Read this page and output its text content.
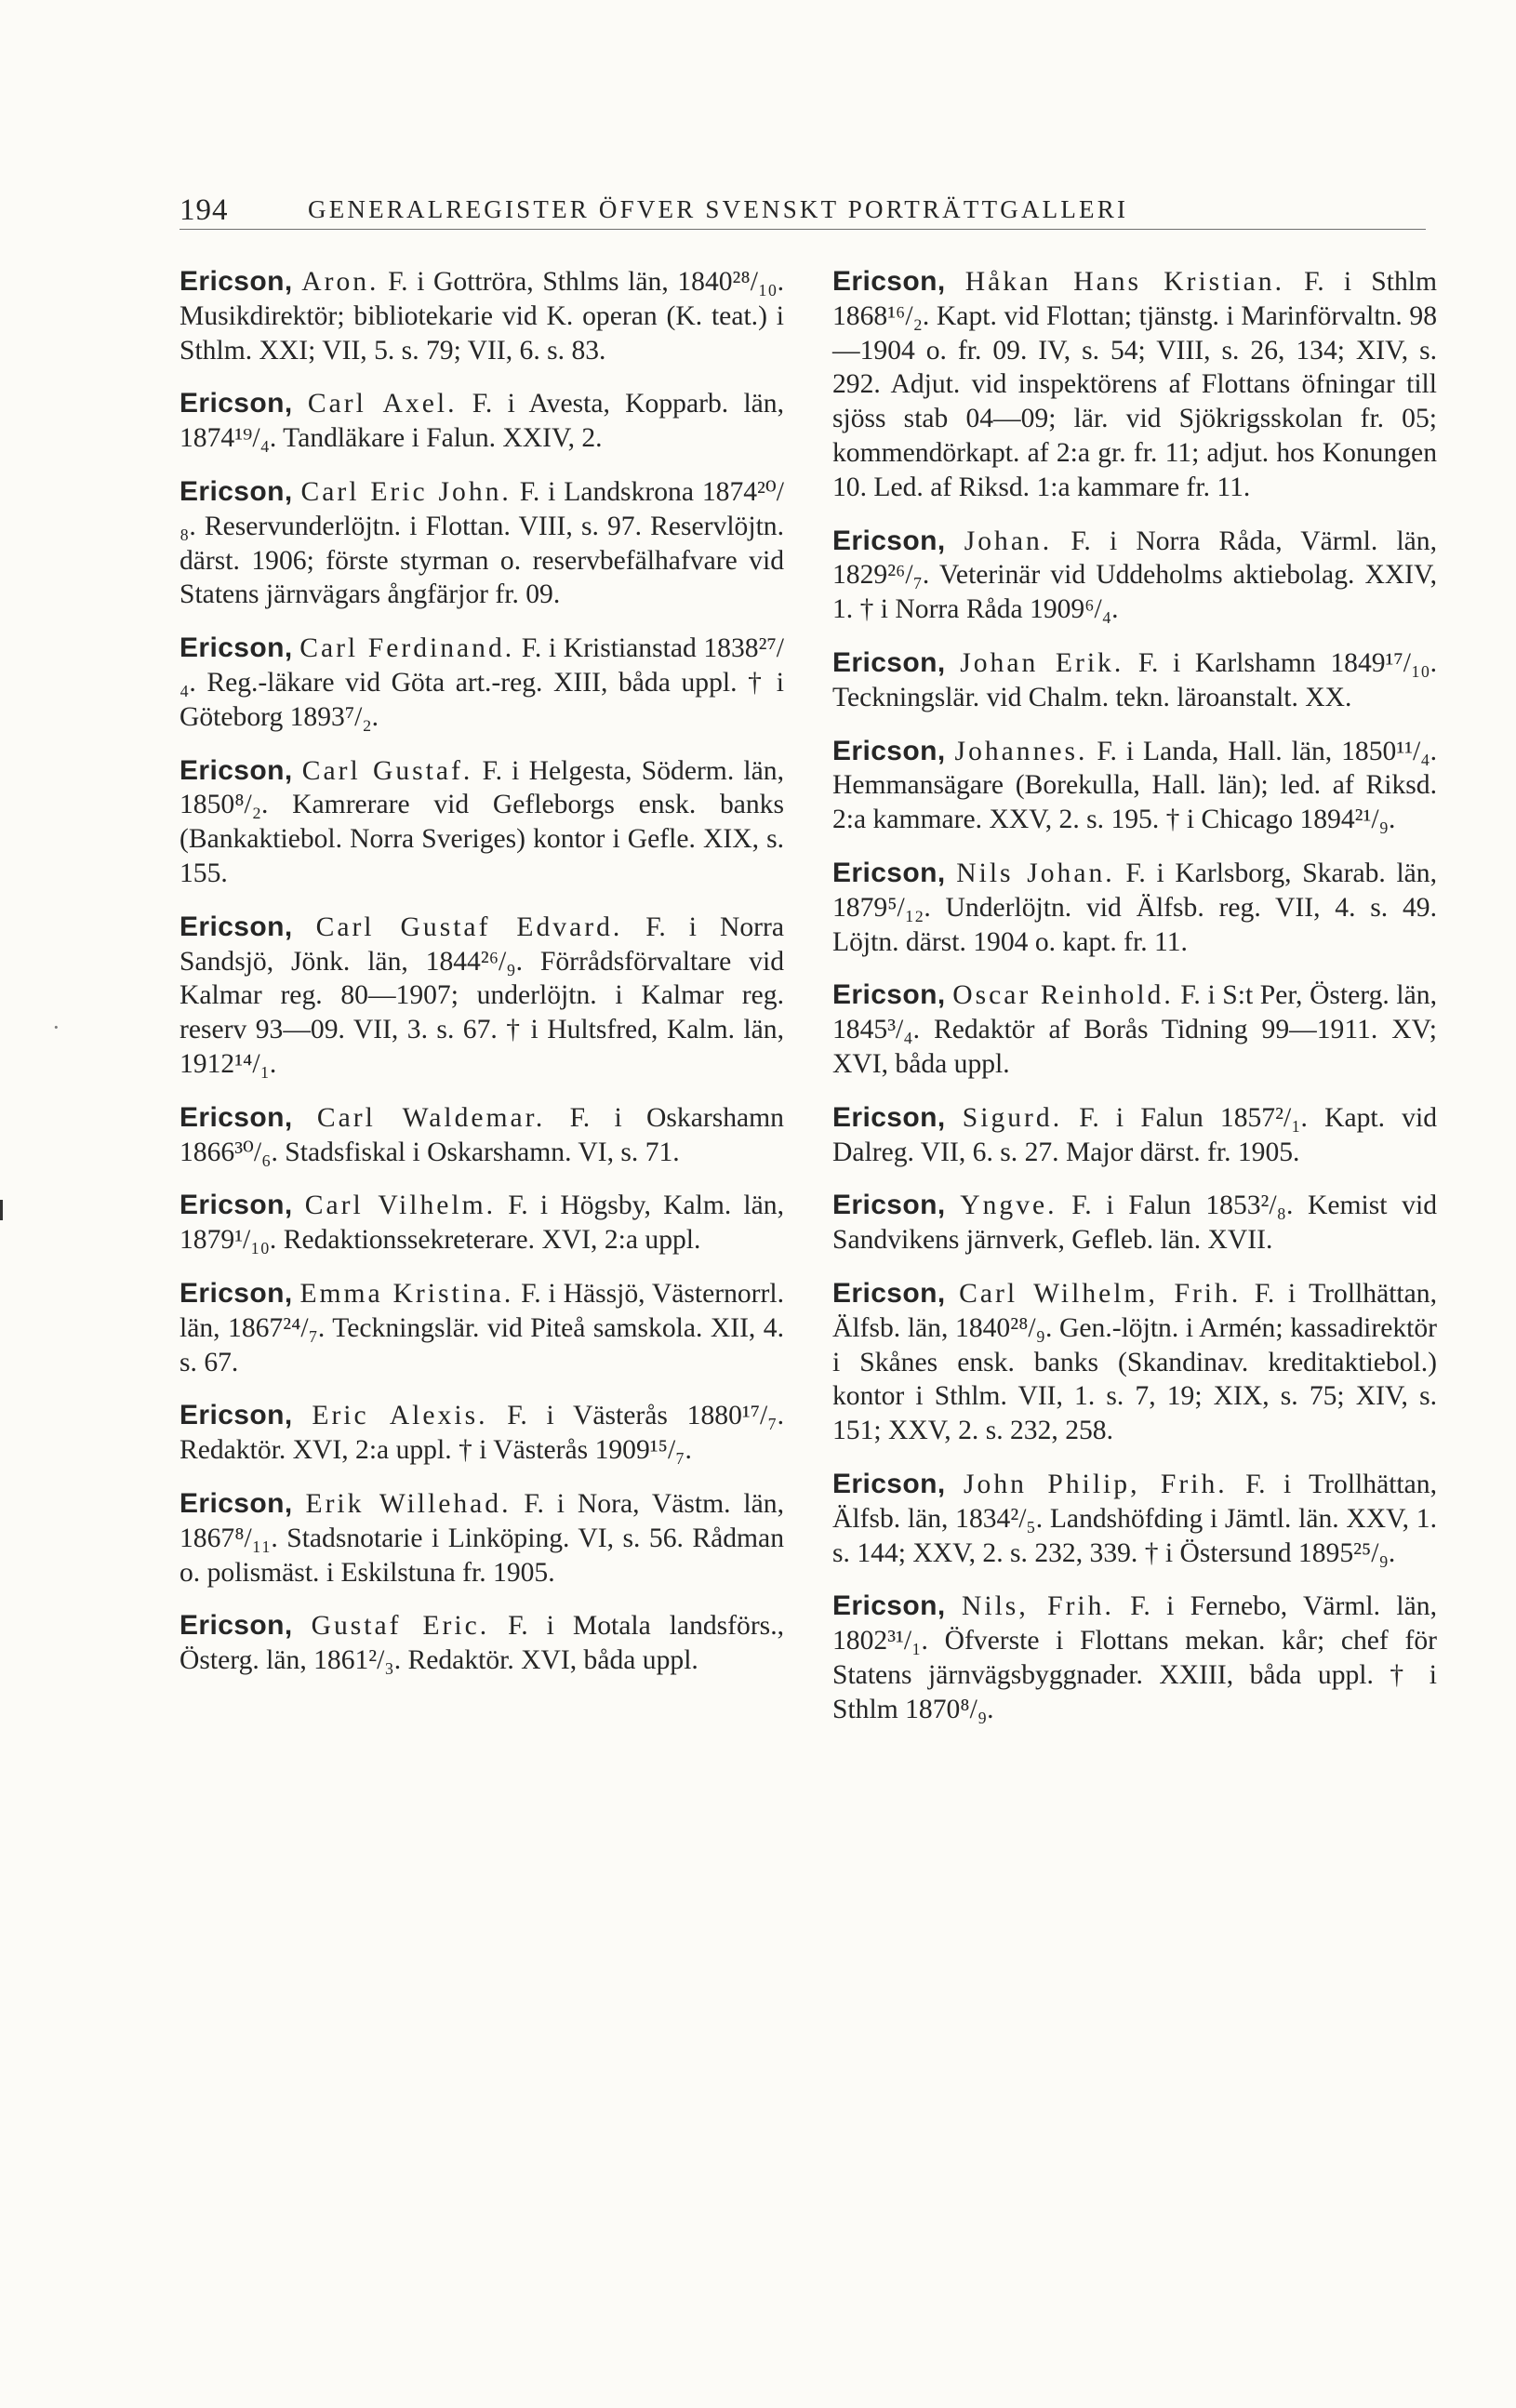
194	GENERALREGISTER ÖFVER SVENSKT PORTRÄTTGALLERI

Ericson, Aron. F. i Gottröra, Sthlms län, 1840²⁸/₁₀. Musikdirektör; bibliotekarie vid K. operan (K. teat.) i Sthlm. XXI; VII, 5. s. 79; VII, 6. s. 83.

Ericson, Carl Axel. F. i Avesta, Kopparb. län, 1874¹⁹/₄. Tandläkare i Falun. XXIV, 2.

Ericson, Carl Eric John. F. i Landskrona 1874²⁰/₈. Reservunderlöjtn. i Flottan. VIII, s. 97. Reservlöjtn. därst. 1906; förste styrman o. reservbefälhafvare vid Statens järnvägars ångfärjor fr. 09.

Ericson, Carl Ferdinand. F. i Kristianstad 1838²⁷/₄. Reg.-läkare vid Göta art.-reg. XIII, båda uppl. † i Göteborg 1893⁷/₂.

Ericson, Carl Gustaf. F. i Helgesta, Söderm. län, 1850⁸/₂. Kamrerare vid Gefleborgs ensk. banks (Bankaktiebol. Norra Sveriges) kontor i Gefle. XIX, s. 155.

Ericson, Carl Gustaf Edvard. F. i Norra Sandsjö, Jönk. län, 1844²⁶/₉. Förrådsförvaltare vid Kalmar reg. 80—1907; underlöjtn. i Kalmar reg. reserv 93—09. VII, 3. s. 67. † i Hultsfred, Kalm. län, 1912¹⁴/₁.

Ericson, Carl Waldemar. F. i Oskarshamn 1866³⁰/₆. Stadsfiskal i Oskarshamn. VI, s. 71.

Ericson, Carl Vilhelm. F. i Högsby, Kalm. län, 1879¹/₁₀. Redaktionssekreterare. XVI, 2:a uppl.

Ericson, Emma Kristina. F. i Hässjö, Västernorrl. län, 1867²⁴/₇. Teckningslär. vid Piteå samskola. XII, 4. s. 67.

Ericson, Eric Alexis. F. i Västerås 1880¹⁷/₇. Redaktör. XVI, 2:a uppl. † i Västerås 1909¹⁵/₇.

Ericson, Erik Willehad. F. i Nora, Västm. län, 1867⁸/₁₁. Stadsnotarie i Linköping. VI, s. 56. Rådman o. polismäst. i Eskilstuna fr. 1905.

Ericson, Gustaf Eric. F. i Motala landsförs., Österg. län, 1861²/₃. Redaktör. XVI, båda uppl.

Ericson, Håkan Hans Kristian. F. i Sthlm 1868¹⁶/₂. Kapt. vid Flottan; tjänstg. i Marinförvaltn. 98—1904 o. fr. 09. IV, s. 54; VIII, s. 26, 134; XIV, s. 292. Adjut. vid inspektörens af Flottans öfningar till sjöss stab 04—09; lär. vid Sjökrigsskolan fr. 05; kommendörkapt. af 2:a gr. fr. 11; adjut. hos Konungen 10. Led. af Riksd. 1:a kammare fr. 11.

Ericson, Johan. F. i Norra Råda, Värml. län, 1829²⁶/₇. Veterinär vid Uddeholms aktiebolag. XXIV, 1. † i Norra Råda 1909⁶/₄.

Ericson, Johan Erik. F. i Karlshamn 1849¹⁷/₁₀. Teckningslär. vid Chalm. tekn. läroanstalt. XX.

Ericson, Johannes. F. i Landa, Hall. län, 1850¹¹/₄. Hemmansägare (Borekulla, Hall. län); led. af Riksd. 2:a kammare. XXV, 2. s. 195. † i Chicago 1894²¹/₉.

Ericson, Nils Johan. F. i Karlsborg, Skarab. län, 1879⁵/₁₂. Underlöjtn. vid Älfsb. reg. VII, 4. s. 49. Löjtn. därst. 1904 o. kapt. fr. 11.

Ericson, Oscar Reinhold. F. i S:t Per, Österg. län, 1845³/₄. Redaktör af Borås Tidning 99—1911. XV; XVI, båda uppl.

Ericson, Sigurd. F. i Falun 1857²/₁. Kapt. vid Dalreg. VII, 6. s. 27. Major därst. fr. 1905.

Ericson, Yngve. F. i Falun 1853²/₈. Kemist vid Sandvikens järnverk, Gefleb. län. XVII.

Ericson, Carl Wilhelm, Frih. F. i Trollhättan, Älfsb. län, 1840²⁸/₉. Gen.-löjtn. i Armén; kassadirektör i Skånes ensk. banks (Skandinav. kreditaktiebol.) kontor i Sthlm. VII, 1. s. 7, 19; XIX, s. 75; XIV, s. 151; XXV, 2. s. 232, 258.

Ericson, John Philip, Frih. F. i Trollhättan, Älfsb. län, 1834²/₅. Landshöfding i Jämtl. län. XXV, 1. s. 144; XXV, 2. s. 232, 339. † i Östersund 1895²⁵/₉.

Ericson, Nils, Frih. F. i Fernebo, Värml. län, 1802³¹/₁. Öfverste i Flottans mekan. kår; chef för Statens järnvägsbyggnader. XXIII, båda uppl. † i Sthlm 1870⁸/₉.

·
